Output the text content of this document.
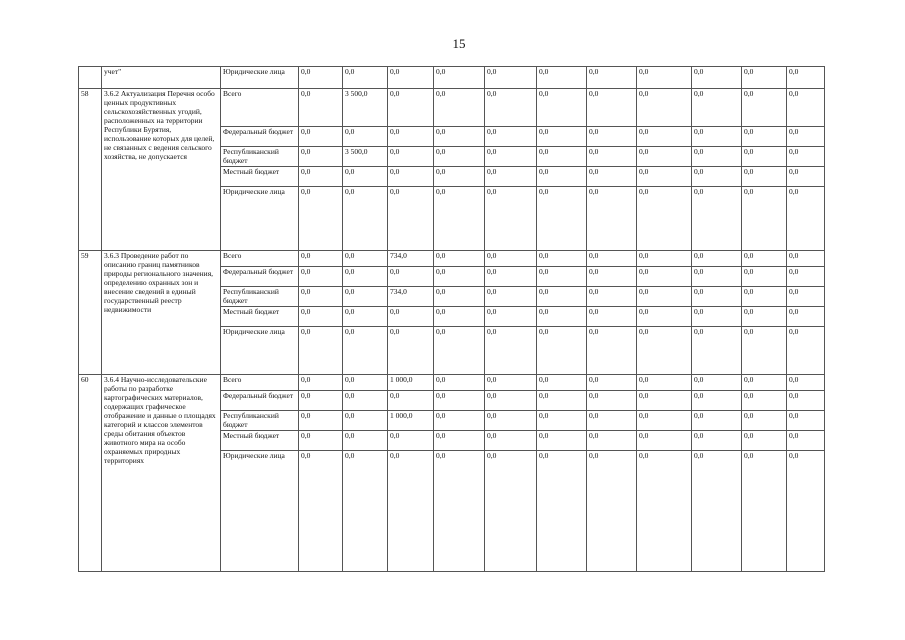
15
	учет"	Юридические лица	0,0	0,0	0,0	0,0	0,0	0,0	0,0	0,0	0,0	0,0	0,0
58	3.6.2 Актуализация Перечня особо ценных продуктивных сельскохозяйственных угодий, расположенных на территории Республики Бурятия, использование которых для целей, не связанных с ведения сельского хозяйства, не допускается	Всего	0,0	3 500,0	0,0	0,0	0,0	0,0	0,0	0,0	0,0	0,0	0,0
		Федеральный бюджет	0,0	0,0	0,0	0,0	0,0	0,0	0,0	0,0	0,0	0,0	0,0
		Республиканский бюджет	0,0	3 500,0	0,0	0,0	0,0	0,0	0,0	0,0	0,0	0,0	0,0
		Местный бюджет	0,0	0,0	0,0	0,0	0,0	0,0	0,0	0,0	0,0	0,0	0,0
		Юридические лица	0,0	0,0	0,0	0,0	0,0	0,0	0,0	0,0	0,0	0,0	0,0
59	3.6.3 Проведение работ по описанию границ памятников природы регионального значения, определению охранных зон и внесение сведений в единый государственный реестр недвижимости	Всего	0,0	0,0	734,0	0,0	0,0	0,0	0,0	0,0	0,0	0,0	0,0
		Федеральный бюджет	0,0	0,0	0,0	0,0	0,0	0,0	0,0	0,0	0,0	0,0	0,0
		Республиканский бюджет	0,0	0,0	734,0	0,0	0,0	0,0	0,0	0,0	0,0	0,0	0,0
		Местный бюджет	0,0	0,0	0,0	0,0	0,0	0,0	0,0	0,0	0,0	0,0	0,0
		Юридические лица	0,0	0,0	0,0	0,0	0,0	0,0	0,0	0,0	0,0	0,0	0,0
60	3.6.4 Научно-исследовательские работы по разработке картографических материалов, содержащих графическое отображение и данные о площадях категорий и классов элементов среды обитания объектов животного мира на особо охраняемых природных территориях	Всего	0,0	0,0	1 000,0	0,0	0,0	0,0	0,0	0,0	0,0	0,0	0,0
		Федеральный бюджет	0,0	0,0	0,0	0,0	0,0	0,0	0,0	0,0	0,0	0,0	0,0
		Республиканский бюджет	0,0	0,0	1 000,0	0,0	0,0	0,0	0,0	0,0	0,0	0,0	0,0
		Местный бюджет	0,0	0,0	0,0	0,0	0,0	0,0	0,0	0,0	0,0	0,0	0,0
		Юридические лица	0,0	0,0	0,0	0,0	0,0	0,0	0,0	0,0	0,0	0,0	0,0
